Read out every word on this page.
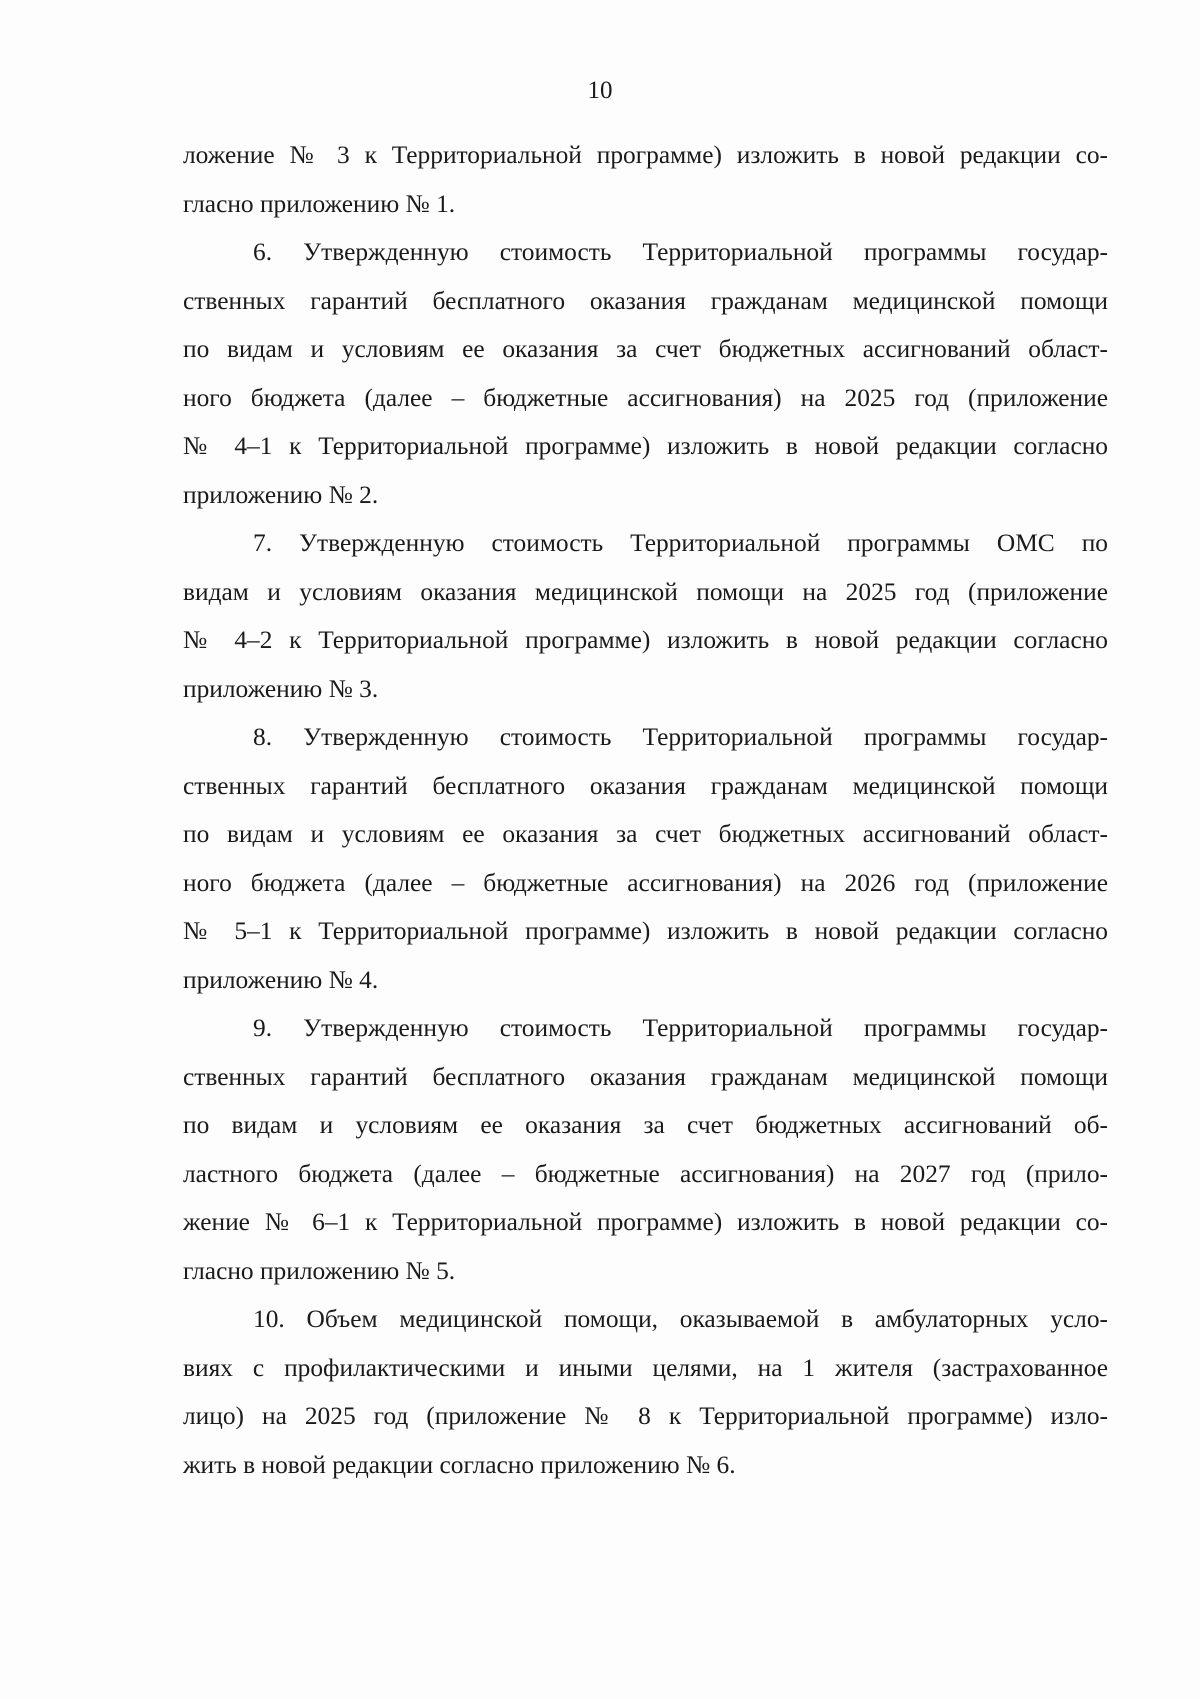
10
ложение № 3 к Территориальной программе) изложить в новой редакции со-
гласно приложению № 1.
6. Утвержденную стоимость Территориальной программы государ-
ственных гарантий бесплатного оказания гражданам медицинской помощи
по видам и условиям ее оказания за счет бюджетных ассигнований област-
ного бюджета (далее – бюджетные ассигнования) на 2025 год (приложение
№ 4–1 к Территориальной программе) изложить в новой редакции согласно
приложению № 2.
7. Утвержденную стоимость Территориальной программы ОМС по
видам и условиям оказания медицинской помощи на 2025 год (приложение
№ 4–2 к Территориальной программе) изложить в новой редакции согласно
приложению № 3.
8. Утвержденную стоимость Территориальной программы государ-
ственных гарантий бесплатного оказания гражданам медицинской помощи
по видам и условиям ее оказания за счет бюджетных ассигнований област-
ного бюджета (далее – бюджетные ассигнования) на 2026 год (приложение
№ 5–1 к Территориальной программе) изложить в новой редакции согласно
приложению № 4.
9. Утвержденную стоимость Территориальной программы государ-
ственных гарантий бесплатного оказания гражданам медицинской помощи
по видам и условиям ее оказания за счет бюджетных ассигнований об-
ластного бюджета (далее – бюджетные ассигнования) на 2027 год (прило-
жение № 6–1 к Территориальной программе) изложить в новой редакции со-
гласно приложению № 5.
10. Объем медицинской помощи, оказываемой в амбулаторных усло-
виях с профилактическими и иными целями, на 1 жителя (застрахованное
лицо) на 2025 год (приложение № 8 к Территориальной программе) изло-
жить в новой редакции согласно приложению № 6.
